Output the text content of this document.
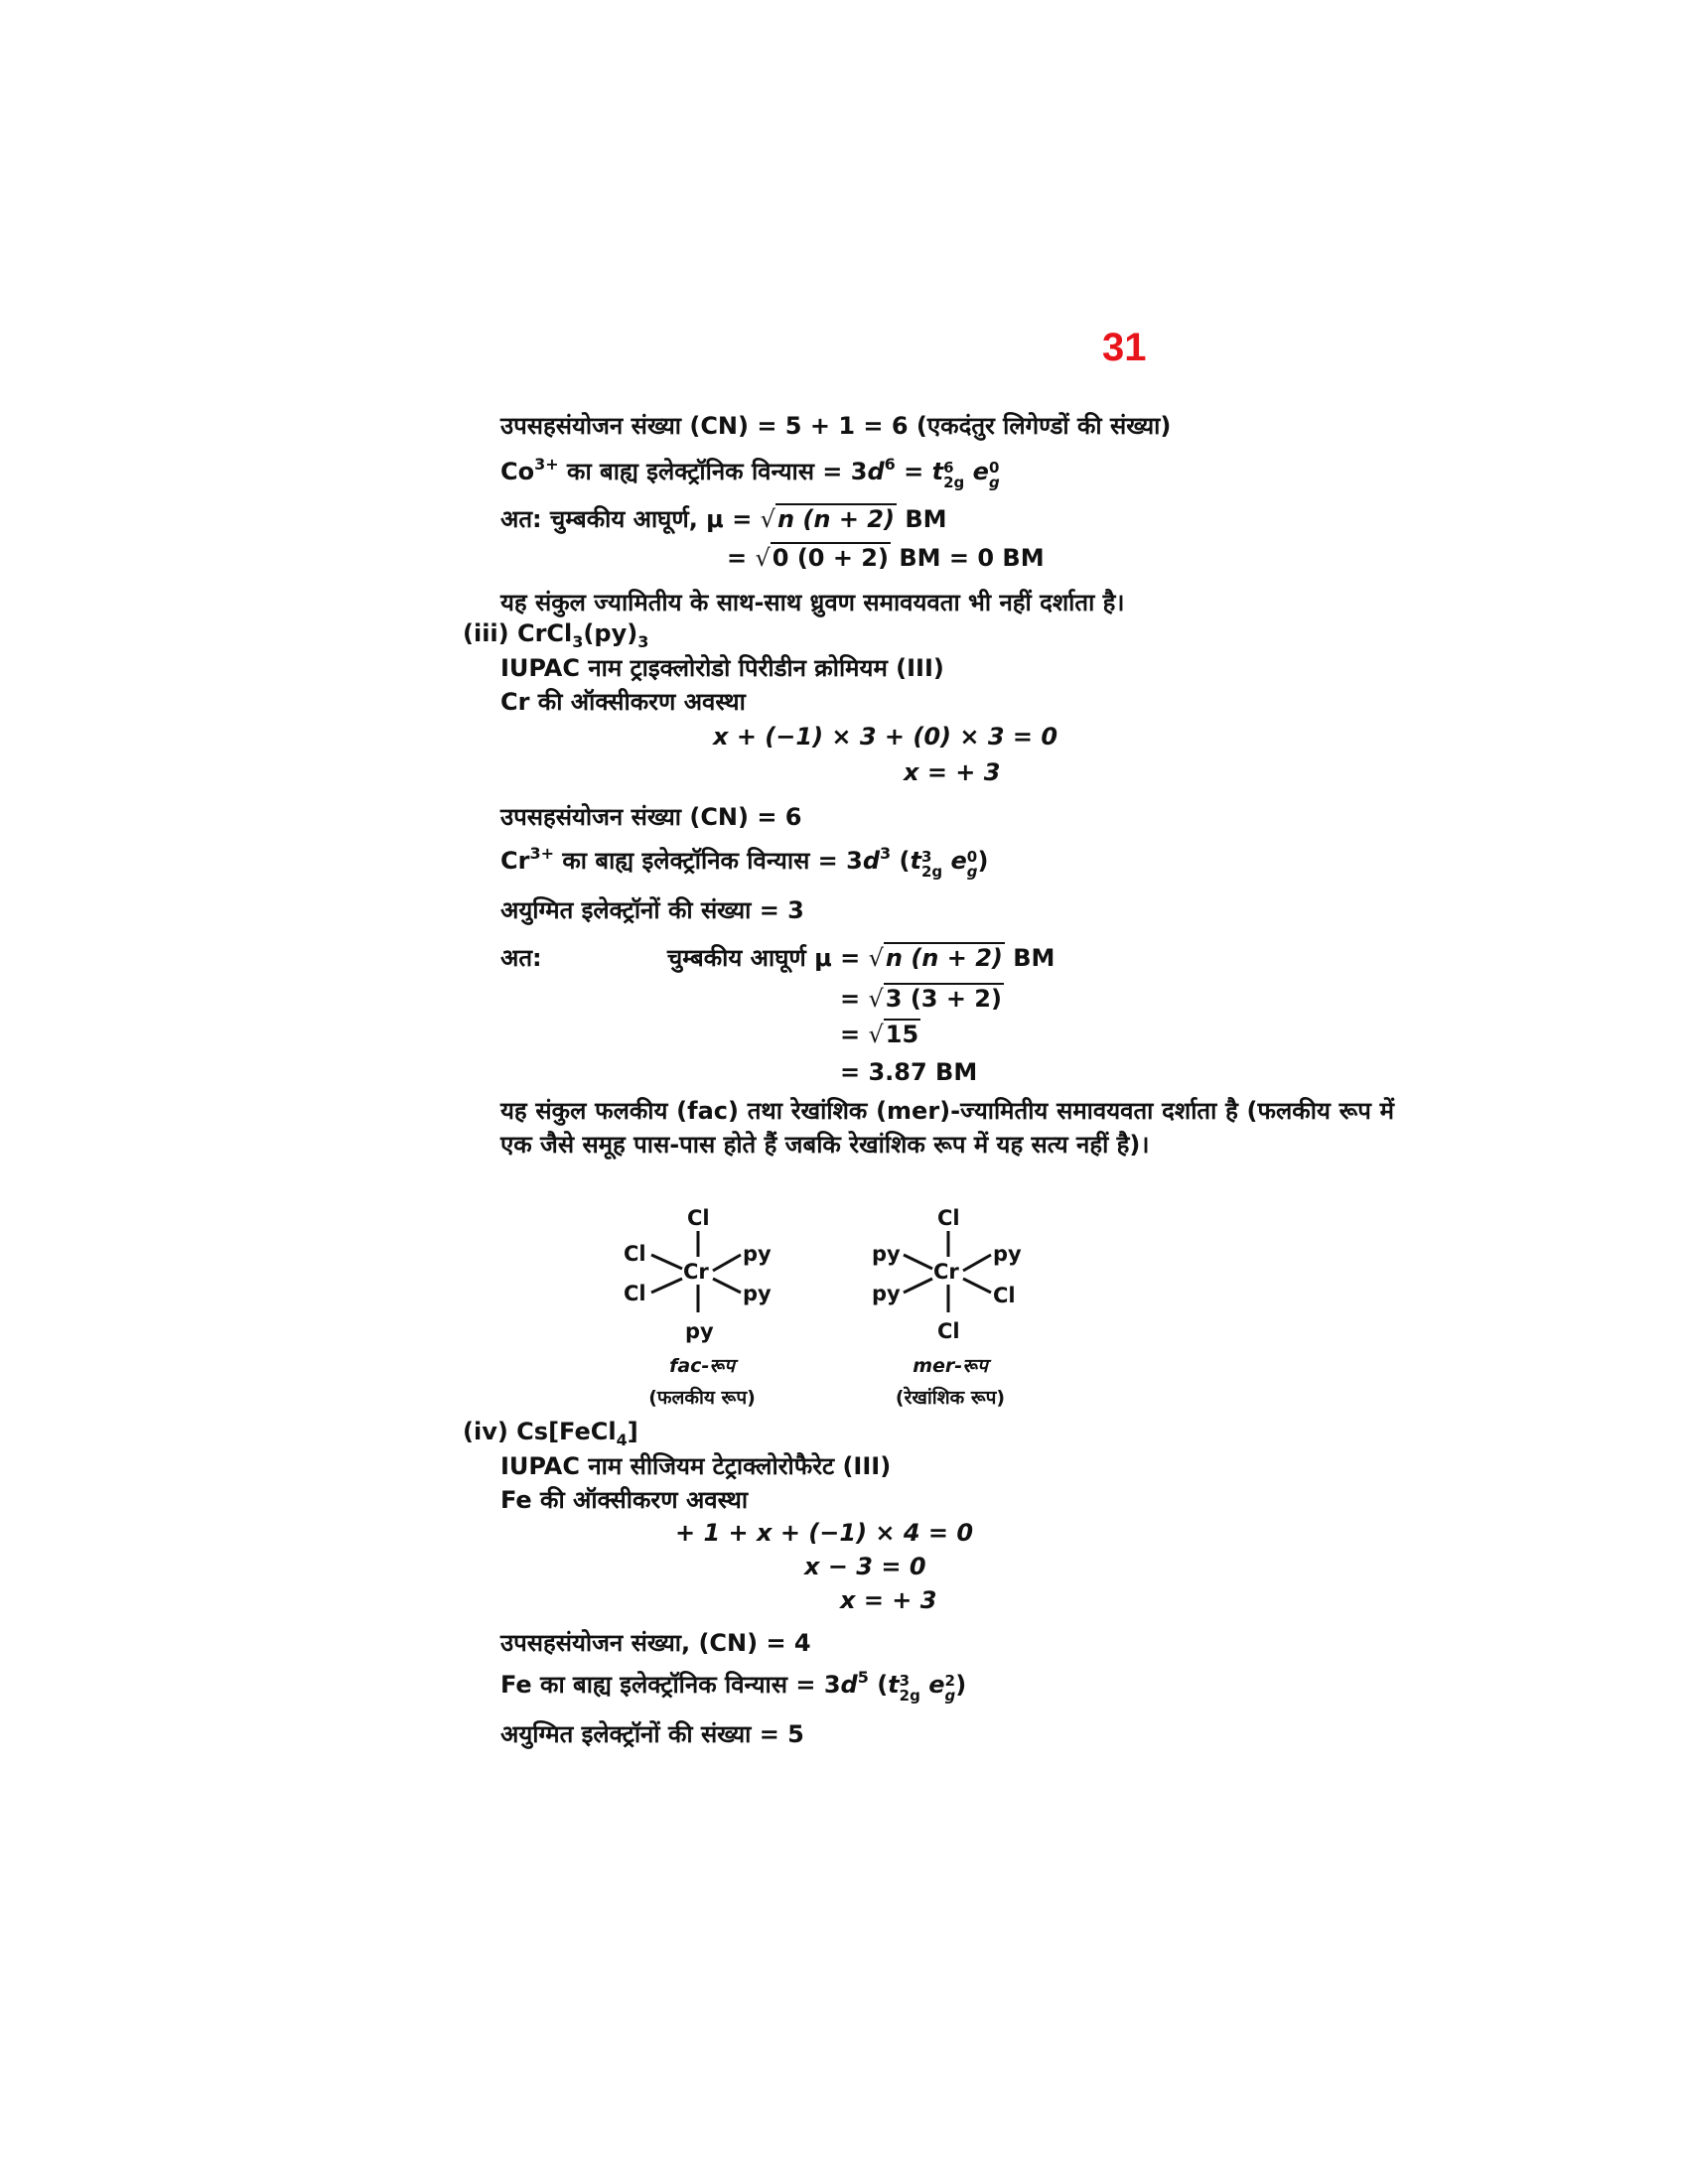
31
उपसहसंयोजन संख्या (CN) = 5 + 1 = 6 (एकदंतुर लिगेण्डों की संख्या)
$Co^{3+}$ का बाह्य इलेक्ट्रॉनिक विन्यास = $3d^6 = t$ 6
2g e 0
g
अत: चुम्बकीय आघूर्ण, μ = √n (n + 2) BM
= √0 (0 + 2) BM = 0 BM
यह संकुल ज्यामितीय के साथ-साथ ध्रुवण समावयवता भी नहीं दर्शाता है।
(iii) $CrCl_3(py)_3$
IUPAC नाम ट्राइक्लोरोडो पिरीडीन क्रोमियम (III)
Cr की ऑक्सीकरण अवस्था
x + (−1) × 3 + (0) × 3 = 0
x = + 3
उपसहसंयोजन संख्या (CN) = 6
$Cr^{3+}$ का बाह्य इलेक्ट्रॉनिक विन्यास = $3d^3$ (t 3
2g e 0
g )
अयुग्मित इलेक्ट्रॉनों की संख्या = 3
अत:	चुम्बकीय आघूर्ण μ = √n (n + 2) BM
= √3 (3 + 2)
= √15
= 3.87 BM
यह संकुल फलकीय (fac) तथा रेखांशिक (mer)-ज्यामितीय समावयवता दर्शाता है (फलकीय रूप में एक जैसे समूह पास-पास होते हैं जबकि रेखांशिक रूप में यह सत्य नहीं है)।
Cl
Cl
Cr
py
Cl	py
py
fac-रूप
(फलकीय रूप)
Cl
py
Cr
py
py	Cl
Cl
mer-रूप
(रेखांशिक रूप)
(iv) Cs[FeCl$_4$]
IUPAC नाम सीजियम टेट्राक्लोरोफैरेट (III)
Fe की ऑक्सीकरण अवस्था
+ 1 + x + (−1) × 4 = 0
x − 3 = 0
x = + 3
उपसहसंयोजन संख्या, (CN) = 4
Fe का बाह्य इलेक्ट्रॉनिक विन्यास = $3d^5$ (t 3
2g e 2
g )
अयुग्मित इलेक्ट्रॉनों की संख्या = 5
